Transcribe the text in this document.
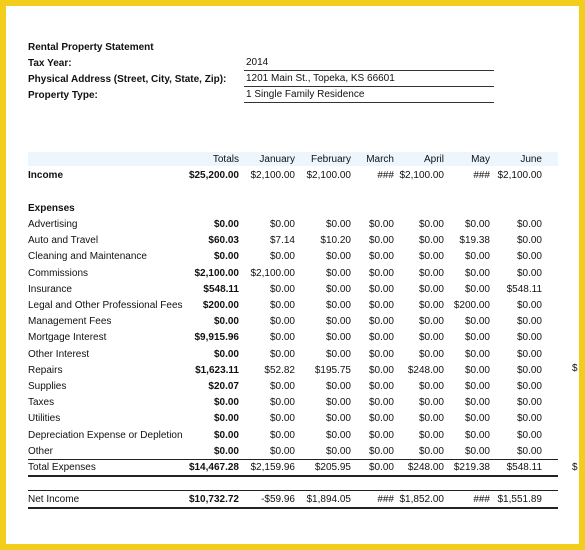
Rental Property Statement
Tax Year:	2014
Physical Address (Street, City, State, Zip): 1201 Main St., Topeka, KS 66601
Property Type:	1 Single Family Residence
Totals	January	February	March	April	May	June
Income	$25,200.00	$2,100.00	$2,100.00	### $2,100.00	### $2,100.00
Expenses
Advertising	$0.00	$0.00	$0.00	$0.00	$0.00	$0.00	$0.00
Auto and Travel	$60.03	$7.14	$10.20	$0.00	$0.00	$19.38	$0.00
Cleaning and Maintenance	$0.00	$0.00	$0.00	$0.00	$0.00	$0.00	$0.00
Commissions	$2,100.00	$2,100.00	$0.00	$0.00	$0.00	$0.00	$0.00
Insurance	$548.11	$0.00	$0.00	$0.00	$0.00	$0.00	$548.11
Legal and Other Professional Fees	$200.00	$0.00	$0.00	$0.00	$0.00 $200.00	$0.00
Management Fees	$0.00	$0.00	$0.00	$0.00	$0.00	$0.00	$0.00
Mortgage Interest	$9,915.96	$0.00	$0.00	$0.00	$0.00	$0.00	$0.00
Other Interest	$0.00	$0.00	$0.00	$0.00	$0.00	$0.00	$0.00
Repairs	$1,623.11	$52.82	$195.75	$0.00	$248.00	$0.00	$0.00
Supplies	$20.07	$0.00	$0.00	$0.00	$0.00	$0.00	$0.00
Taxes	$0.00	$0.00	$0.00	$0.00	$0.00	$0.00	$0.00
Utilities	$0.00	$0.00	$0.00	$0.00	$0.00	$0.00	$0.00
Depreciation Expense or Depletion	$0.00	$0.00	$0.00	$0.00	$0.00	$0.00	$0.00
Other	$0.00	$0.00	$0.00	$0.00	$0.00	$0.00	$0.00
Total Expenses	$14,467.28	$2,159.96	$205.95	$0.00	$248.00 $219.38	$548.11
Net Income	$10,732.72	-$59.96	$1,894.05	### $1,852.00	### $1,551.89
$
$
